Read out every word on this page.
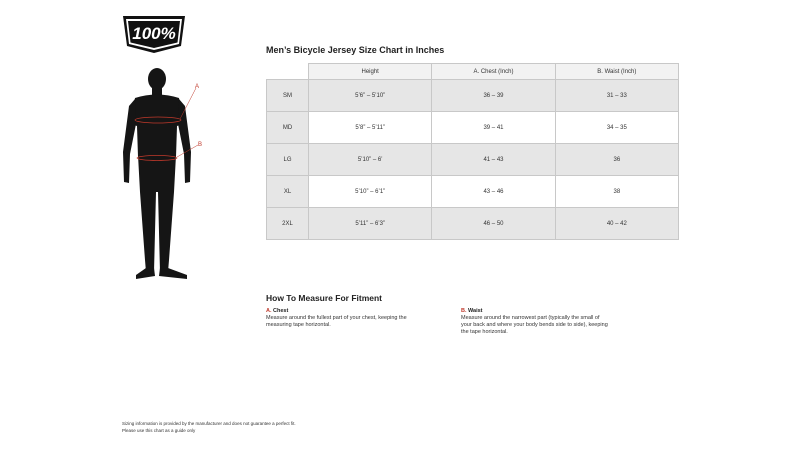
100%
A
B
Men’s Bicycle Jersey Size Chart in Inches
	Height	A. Chest (Inch)	B. Waist (Inch)
SM	5’6” – 5’10”	36 – 39	31 – 33
MD	5’8” – 5’11”	39 – 41	34 – 35
LG	5’10” – 6’	41 – 43	36
XL	5’10” – 6’1”	43 – 46	38
2XL	5’11” – 6’3”	46 – 50	40 – 42
How To Measure For Fitment
A. Chest
Measure around the fullest part of your chest, keeping the
measuring tape horizontal.
B. Waist
Measure around the narrowest part (typically the small of
your back and where your body bends side to side), keeping
the tape horizontal.
Sizing information is provided by the manufacturer and does not guarantee a perfect fit.
Please use this chart as a guide only
